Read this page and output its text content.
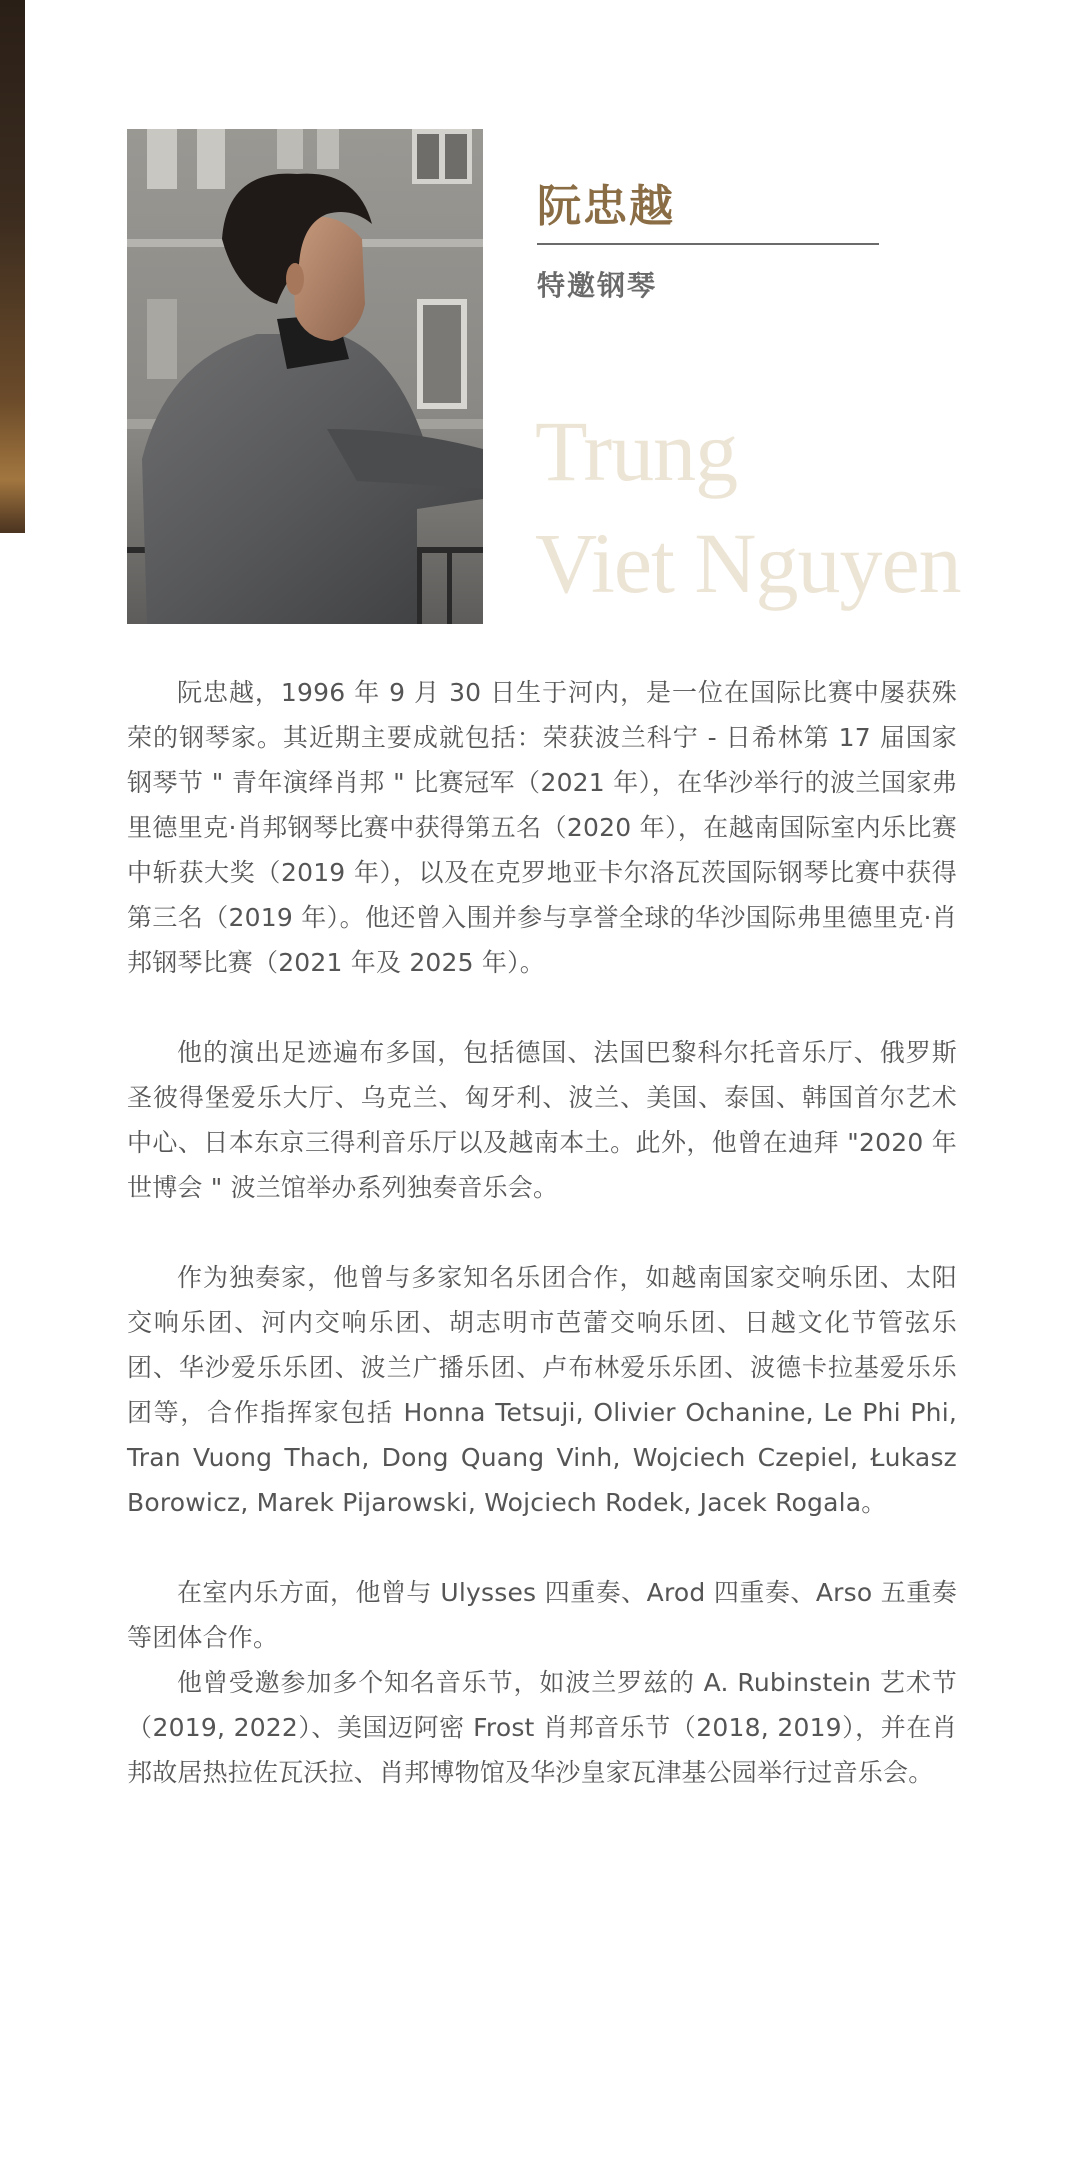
阮忠越
特邀钢琴
Trung
Viet Nguyen

阮忠越，1996 年 9 月 30 日生于河内，是一位在国际比赛中屡获殊荣的钢琴家。其近期主要成就包括：荣获波兰科宁 - 日希林第 17 届国家钢琴节 " 青年演绎肖邦 " 比赛冠军（2021 年），在华沙举行的波兰国家弗里德里克·肖邦钢琴比赛中获得第五名（2020 年），在越南国际室内乐比赛中斩获大奖（2019 年），以及在克罗地亚卡尔洛瓦茨国际钢琴比赛中获得第三名（2019 年）。他还曾入围并参与享誉全球的华沙国际弗里德里克·肖邦钢琴比赛（2021 年及 2025 年）。

他的演出足迹遍布多国，包括德国、法国巴黎科尔托音乐厅、俄罗斯圣彼得堡爱乐大厅、乌克兰、匈牙利、波兰、美国、泰国、韩国首尔艺术中心、日本东京三得利音乐厅以及越南本土。此外，他曾在迪拜 "2020 年世博会 " 波兰馆举办系列独奏音乐会。

作为独奏家，他曾与多家知名乐团合作，如越南国家交响乐团、太阳交响乐团、河内交响乐团、胡志明市芭蕾交响乐团、日越文化节管弦乐团、华沙爱乐乐团、波兰广播乐团、卢布林爱乐乐团、波德卡拉基爱乐乐团等，合作指挥家包括 Honna Tetsuji, Olivier Ochanine, Le Phi Phi, Tran Vuong Thach, Dong Quang Vinh, Wojciech Czepiel, Łukasz Borowicz, Marek Pijarowski, Wojciech Rodek, Jacek Rogala。

在室内乐方面，他曾与 Ulysses 四重奏、Arod 四重奏、Arso 五重奏等团体合作。

他曾受邀参加多个知名音乐节，如波兰罗兹的 A. Rubinstein 艺术节（2019, 2022）、美国迈阿密 Frost 肖邦音乐节（2018, 2019），并在肖邦故居热拉佐瓦沃拉、肖邦博物馆及华沙皇家瓦津基公园举行过音乐会。
